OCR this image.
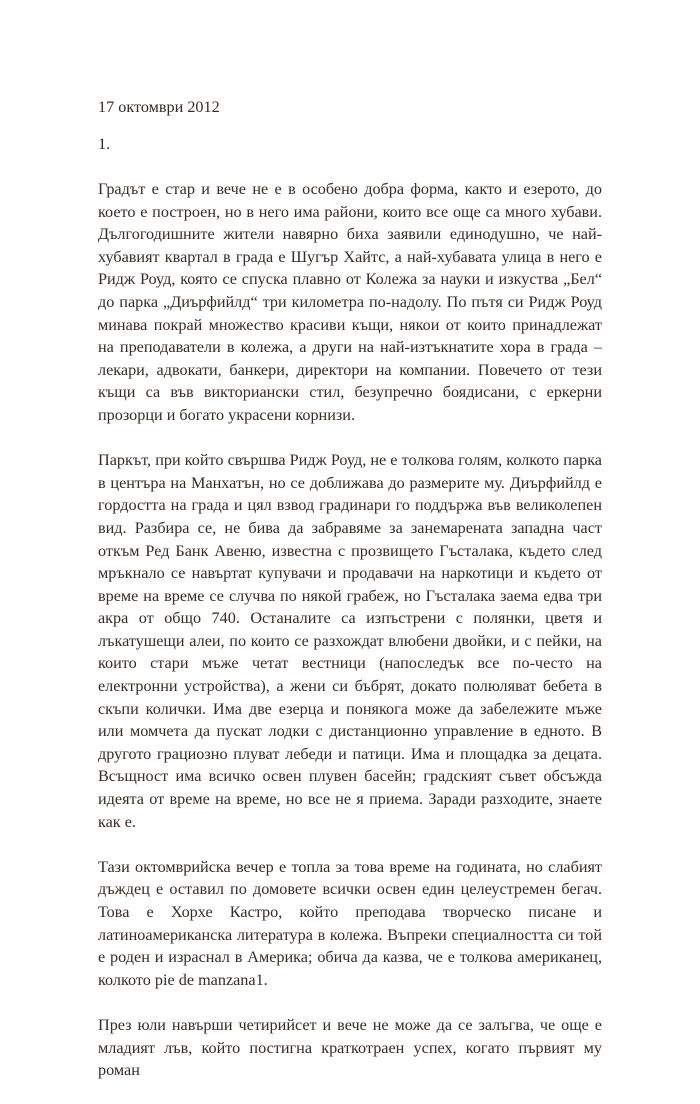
17 октомври 2012

1.

Градът е стар и вече не е в особено добра форма, както и езерото, до което е построен, но в него има райони, които все още са много хубави. Дългогодишните жители навярно биха заявили единодушно, че най-хубавият квартал в града е Шугър Хайтс, а най-хубавата улица в него е Ридж Роуд, която се спуска плавно от Колежа за науки и изкуства „Бел“ до парка „Диърфийлд“ три километра по-надолу. По пътя си Ридж Роуд минава покрай множество красиви къщи, някои от които принадлежат на преподаватели в колежа, а други на най-изтъкнатите хора в града – лекари, адвокати, банкери, директори на компании. Повечето от тези къщи са във викториански стил, безупречно боядисани, с еркерни прозорци и богато украсени корнизи.

Паркът, при който свършва Ридж Роуд, не е толкова голям, колкото парка в центъра на Манхатън, но се доближава до размерите му. Диърфийлд е гордостта на града и цял взвод градинари го поддържа във великолепен вид. Разбира се, не бива да забравяме за занемарената западна част откъм Ред Банк Авеню, известна с прозвището Гъсталака, където след мръкнало се навъртат купувачи и продавачи на наркотици и където от време на време се случва по някой грабеж, но Гъсталака заема едва три акра от общо 740. Останалите са изпъстрени с полянки, цветя и лъкатушещи алеи, по които се разхождат влюбени двойки, и с пейки, на които стари мъже четат вестници (напоследък все по-често на електронни устройства), а жени си бъбрят, докато полюляват бебета в скъпи колички. Има две езерца и понякога може да забележите мъже или момчета да пускат лодки с дистанционно управление в едното. В другото грациозно плуват лебеди и патици. Има и площадка за децата. Всъщност има всичко освен плувен басейн; градският съвет обсъжда идеята от време на време, но все не я приема. Заради разходите, знаете как е.

Тази октомврийска вечер е топла за това време на годината, но слабият дъждец е оставил по домовете всички освен един целеустремен бегач. Това е Хорхе Кастро, който преподава творческо писане и латиноамериканска литература в колежа. Въпреки специалността си той е роден и израснал в Америка; обича да казва, че е толкова американец, колкото pie de manzana1.

През юли навърши четирийсет и вече не може да се залъгва, че още е младият лъв, който постигна краткотраен успех, когато първият му роман
